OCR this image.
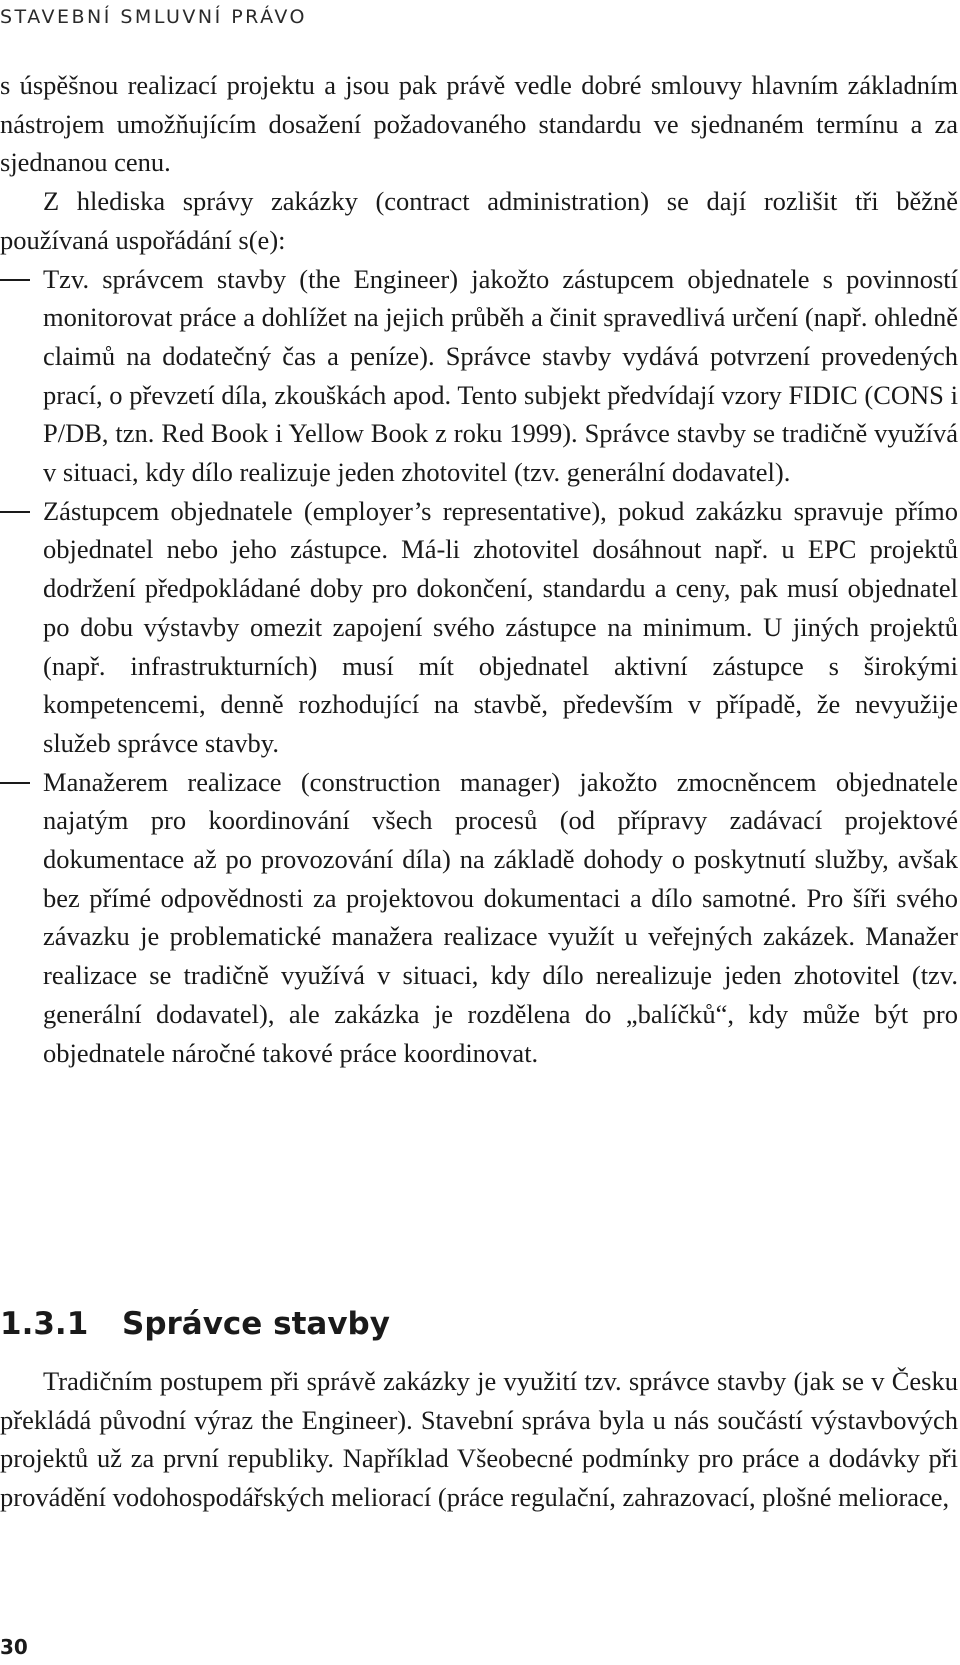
STAVEBNÍ SMLUVNÍ PRÁVO

s úspěšnou realizací projektu a jsou pak právě vedle dobré smlouvy hlavním základním nástrojem umožňujícím dosažení požadovaného standardu ve sjednaném termínu a za sjednanou cenu.

Z hlediska správy zakázky (contract administration) se dají rozlišit tři běžně používaná uspořádání s(e):

Tzv. správcem stavby (the Engineer) jakožto zástupcem objednatele s povinností monitorovat práce a dohlížet na jejich průběh a činit spravedlivá určení (např. ohledně claimů na dodatečný čas a peníze). Správce stavby vydává potvrzení provedených prací, o převzetí díla, zkouškách apod. Tento subjekt předvídají vzory FIDIC (CONS i P/DB, tzn. Red Book i Yellow Book z roku 1999). Správce stavby se tradičně využívá v situaci, kdy dílo realizuje jeden zhotovitel (tzv. generální dodavatel).
Zástupcem objednatele (employer’s representative), pokud zakázku spravuje přímo objednatel nebo jeho zástupce. Má-li zhotovitel dosáhnout např. u EPC projektů dodržení předpokládané doby pro dokončení, standardu a ceny, pak musí objednatel po dobu výstavby omezit zapojení svého zástupce na minimum. U jiných projektů (např. infrastrukturních) musí mít objednatel aktivní zástupce s širokými kompetencemi, denně rozhodující na stavbě, především v případě, že nevyužije služeb správce stavby.
Manažerem realizace (construction manager) jakožto zmocněncem objednatele najatým pro koordinování všech procesů (od přípravy zadávací projektové dokumentace až po provozování díla) na základě dohody o poskytnutí služby, avšak bez přímé odpovědnosti za projektovou dokumentaci a dílo samotné. Pro šíři svého závazku je problematické manažera realizace využít u veřejných zakázek. Manažer realizace se tradičně využívá v situaci, kdy dílo nerealizuje jeden zhotovitel (tzv. generální dodavatel), ale zakázka je rozdělena do „balíčků“, kdy může být pro objednatele náročné takové práce koordinovat.
1.3.1 Správce stavby

Tradičním postupem při správě zakázky je využití tzv. správce stavby (jak se v Česku překládá původní výraz the Engineer). Stavební správa byla u nás součástí výstavbových projektů už za první republiky. Například Všeobecné podmínky pro práce a dodávky při provádění vodohospodářských meliorací (práce regulační, zahrazovací, plošné meliorace,

30
